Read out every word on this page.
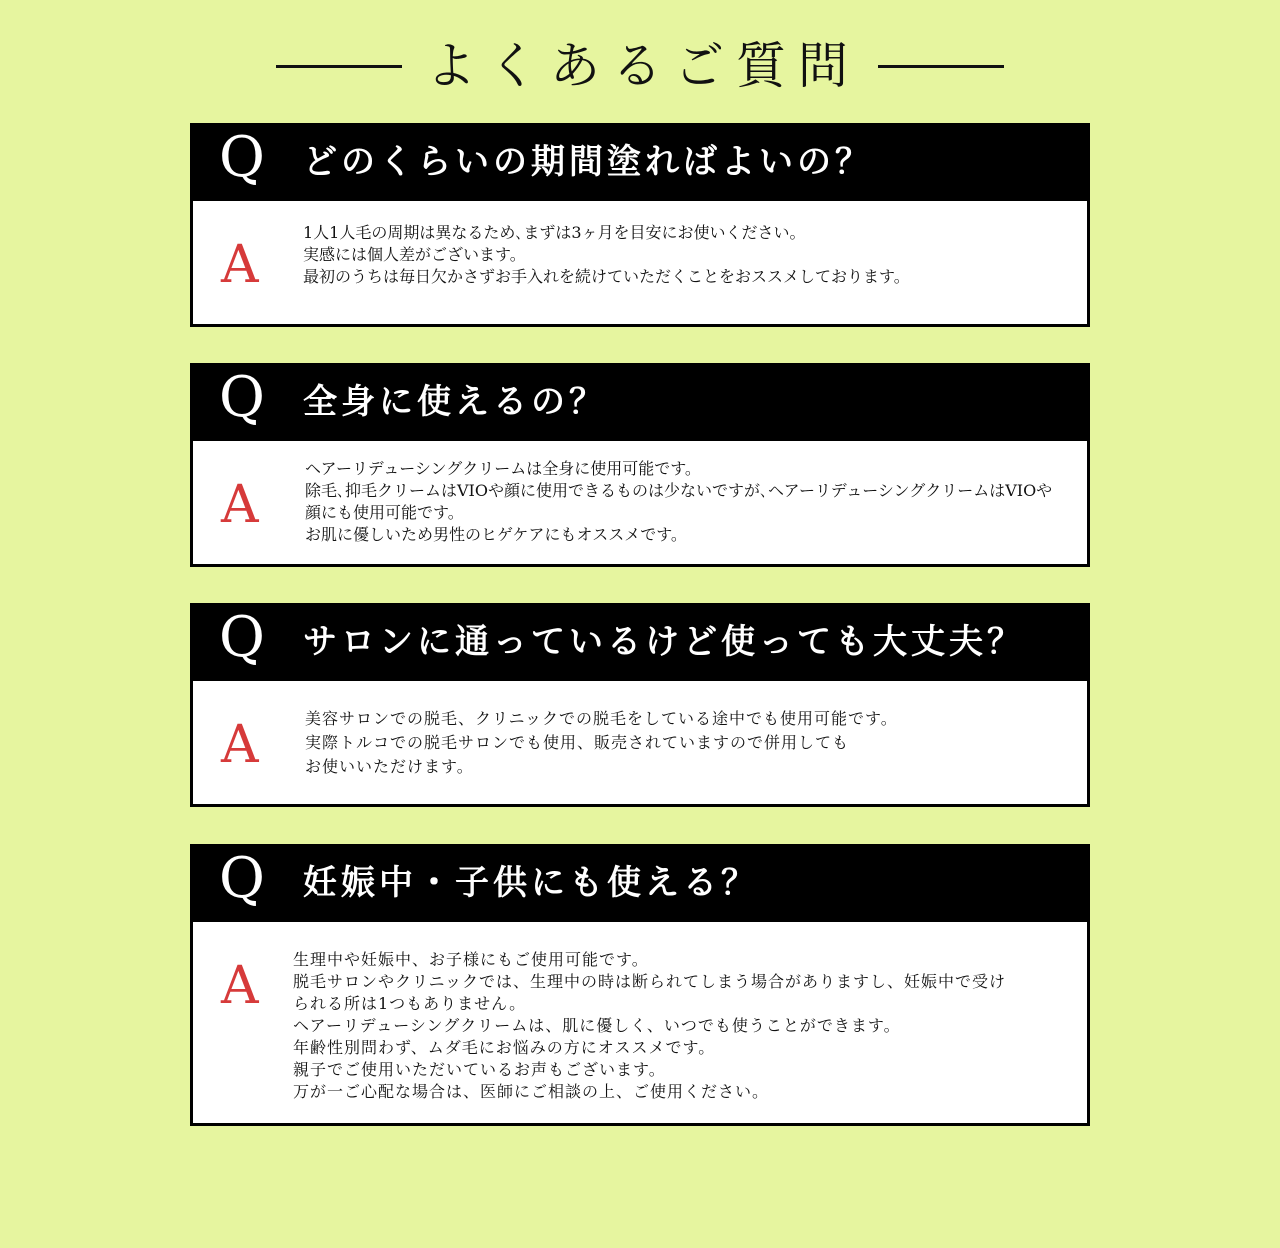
よくあるご質問
Q どのくらいの期間塗ればよいの？
A
1人1人毛の周期は異なるため､まずは3ヶ月を目安にお使いください。
実感には個人差がございます。
最初のうちは毎日欠かさずお手入れを続けていただくことをおススメしております。
Q 全身に使えるの？
A
ヘアーリデューシングクリームは全身に使用可能です。
除毛､抑毛クリームはVIOや顔に使用できるものは少ないですが､ヘアーリデューシングクリームはVIOや
顔にも使用可能です。
お肌に優しいため男性のヒゲケアにもオススメです。
Q サロンに通っているけど使っても大丈夫？
A	美容サロンでの脱毛、クリニックでの脱毛をしている途中でも使用可能です。
実際トルコでの脱毛サロンでも使用、販売されていますので併用しても
お使いいただけます。
Q 妊娠中・子供にも使える？
A 生理中や妊娠中、お子様にもご使用可能です。
脱毛サロンやクリニックでは、生理中の時は断られてしまう場合がありますし、妊娠中で受け
られる所は1つもありません。
ヘアーリデューシングクリームは、肌に優しく、いつでも使うことができます。
年齢性別問わず、ムダ毛にお悩みの方にオススメです。
親子でご使用いただいているお声もございます。
万が一ご心配な場合は、医師にご相談の上、ご使用ください。
